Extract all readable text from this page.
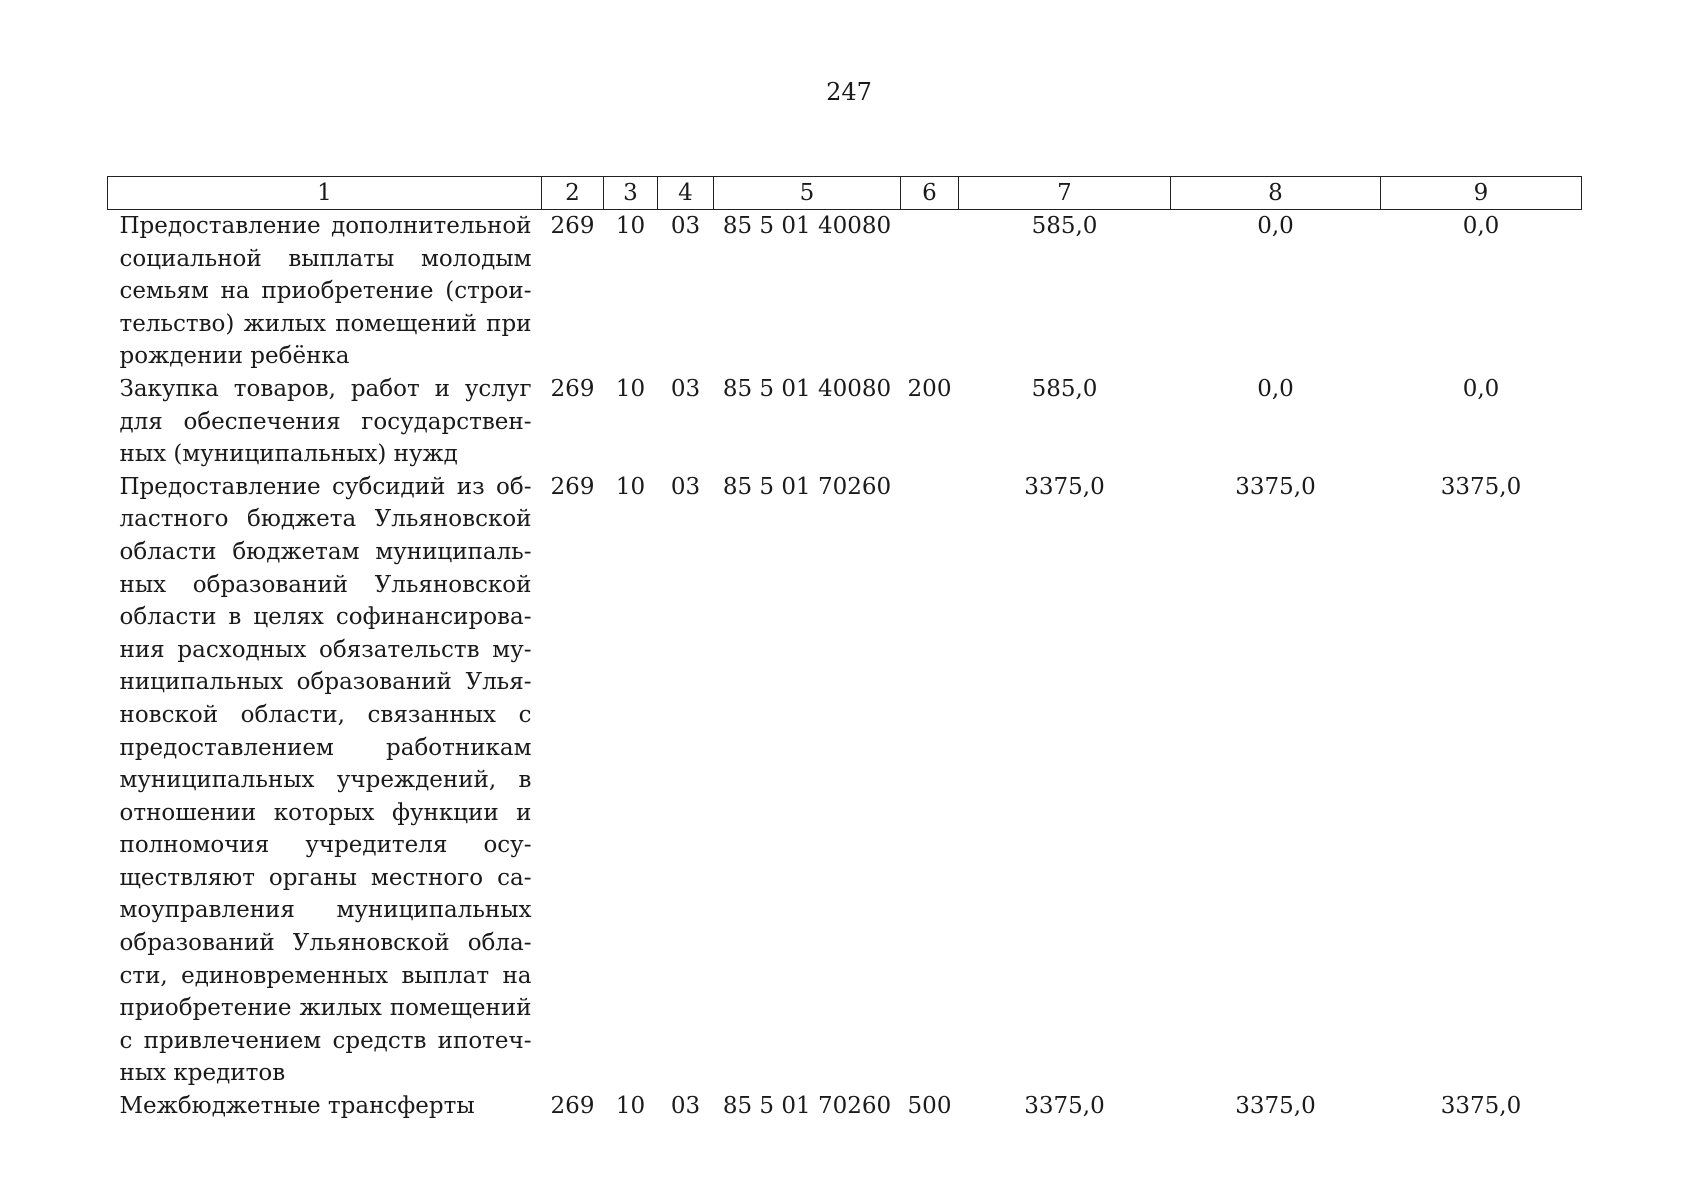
247
1	2	3	4	5	6	7	8	9
Предоставление дополнительной социальной выплаты молодым семьям на приобретение (строительство) жилых помещений при рождении ребёнка	269	10	03	85 5 01 40080		585,0	0,0	0,0
Закупка товаров, работ и услуг для обеспечения государственных (муниципальных) нужд	269	10	03	85 5 01 40080	200	585,0	0,0	0,0
Предоставление субсидий из областного бюджета Ульяновской области бюджетам муниципальных образований Ульяновской области в целях софинансирования расходных обязательств муниципальных образований Ульяновской области, связанных с предоставлением работникам муниципальных учреждений, в отношении которых функции и полномочия учредителя осуществляют органы местного самоуправления муниципальных образований Ульяновской области, единовременных выплат на приобретение жилых помещений с привлечением средств ипотечных кредитов	269	10	03	85 5 01 70260		3375,0	3375,0	3375,0
Межбюджетные трансферты	269	10	03	85 5 01 70260	500	3375,0	3375,0	3375,0
